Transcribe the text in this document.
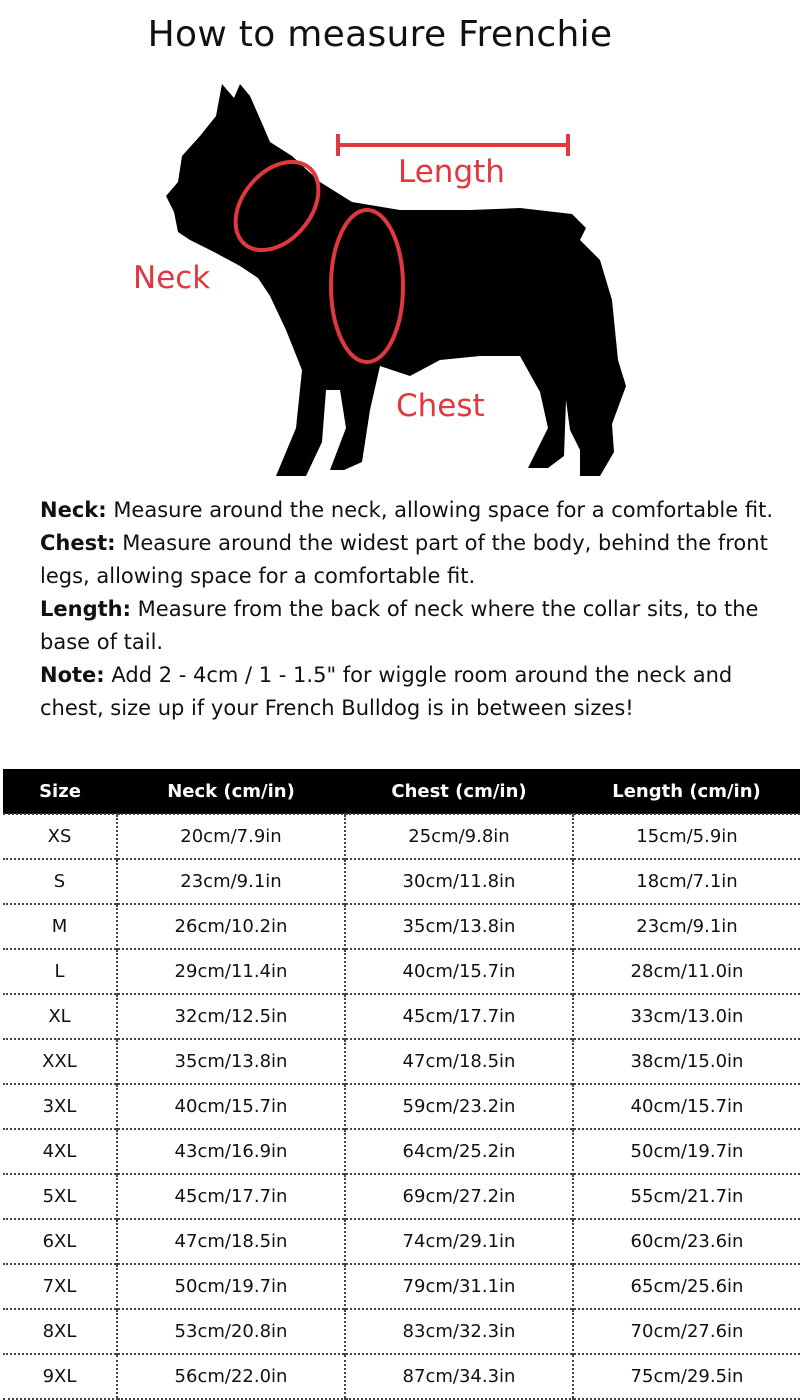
How to measure Frenchie
Length
Neck
Chest

Neck: Measure around the neck, allowing space for a comfortable fit.

Chest: Measure around the widest part of the body, behind the front legs, allowing space for a comfortable fit.

Length: Measure from the back of neck where the collar sits, to the base of tail.

Note: Add 2 - 4cm / 1 - 1.5" for wiggle room around the neck and chest, size up if your French Bulldog is in between sizes!

Size	Neck (cm/in)	Chest (cm/in)	Length (cm/in)
XS	20cm/7.9in	25cm/9.8in	15cm/5.9in
S	23cm/9.1in	30cm/11.8in	18cm/7.1in
M	26cm/10.2in	35cm/13.8in	23cm/9.1in
L	29cm/11.4in	40cm/15.7in	28cm/11.0in
XL	32cm/12.5in	45cm/17.7in	33cm/13.0in
XXL	35cm/13.8in	47cm/18.5in	38cm/15.0in
3XL	40cm/15.7in	59cm/23.2in	40cm/15.7in
4XL	43cm/16.9in	64cm/25.2in	50cm/19.7in
5XL	45cm/17.7in	69cm/27.2in	55cm/21.7in
6XL	47cm/18.5in	74cm/29.1in	60cm/23.6in
7XL	50cm/19.7in	79cm/31.1in	65cm/25.6in
8XL	53cm/20.8in	83cm/32.3in	70cm/27.6in
9XL	56cm/22.0in	87cm/34.3in	75cm/29.5in
